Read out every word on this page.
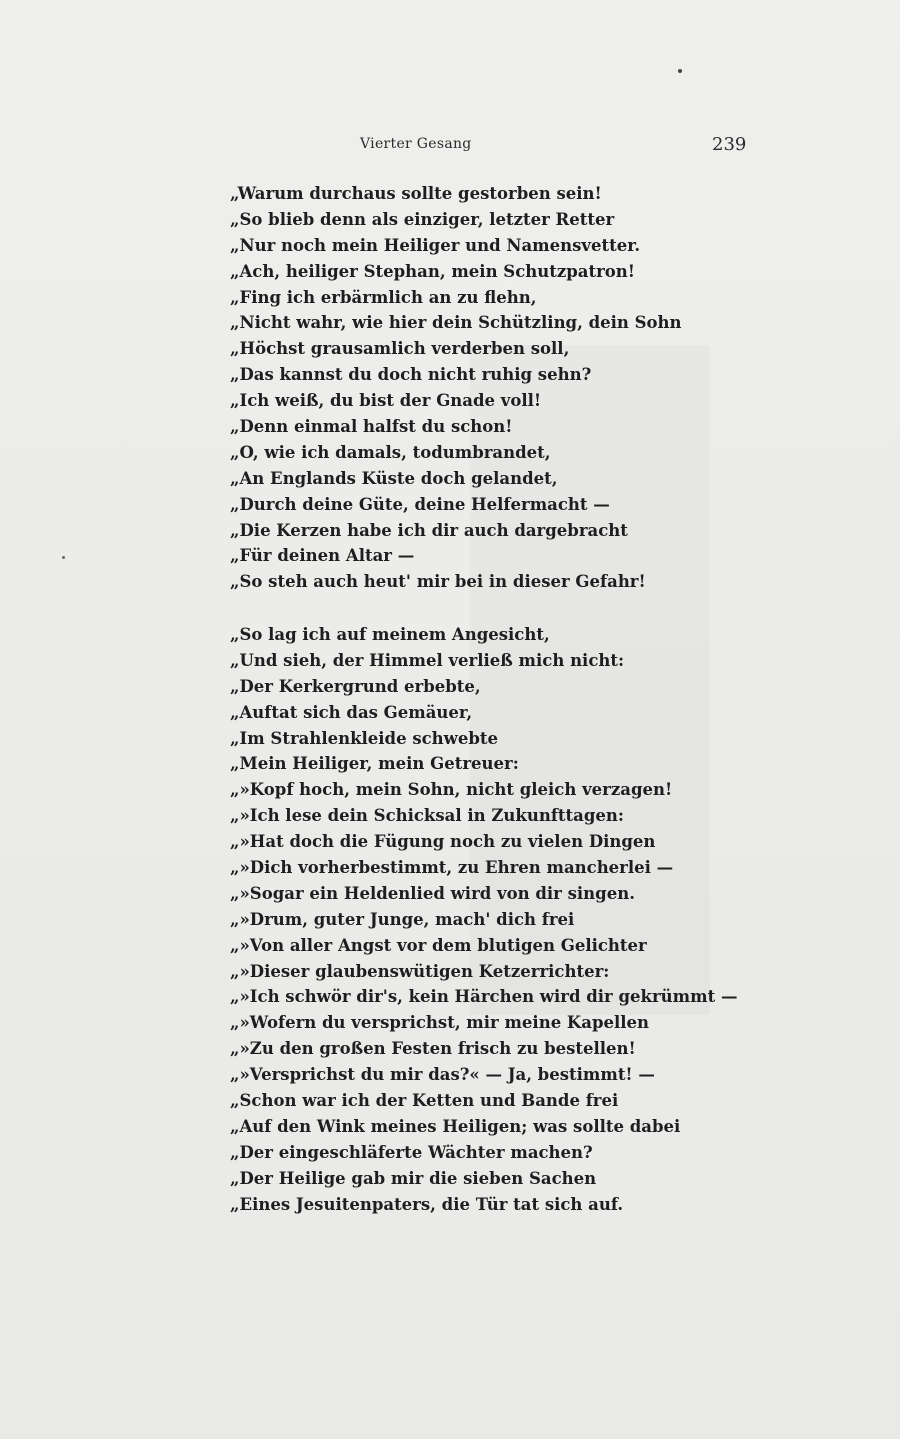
Vierter Gesang	239
„Warum durchaus sollte gestorben sein!
„So blieb denn als einziger, letzter Retter
„Nur noch mein Heiliger und Namensvetter.
„Ach, heiliger Stephan, mein Schutzpatron!
„Fing ich erbärmlich an zu flehn,
„Nicht wahr, wie hier dein Schützling, dein Sohn
„Höchst grausamlich verderben soll,
„Das kannst du doch nicht ruhig sehn?
„Ich weiß, du bist der Gnade voll!
„Denn einmal halfst du schon!
„O, wie ich damals, todumbrandet,
„An Englands Küste doch gelandet,
„Durch deine Güte, deine Helfermacht —
„Die Kerzen habe ich dir auch dargebracht
„Für deinen Altar —
„So steh auch heut' mir bei in dieser Gefahr!
„So lag ich auf meinem Angesicht,
„Und sieh, der Himmel verließ mich nicht:
„Der Kerkergrund erbebte,
„Auftat sich das Gemäuer,
„Im Strahlenkleide schwebte
„Mein Heiliger, mein Getreuer:
„»Kopf hoch, mein Sohn, nicht gleich verzagen!
„»Ich lese dein Schicksal in Zukunfttagen:
„»Hat doch die Fügung noch zu vielen Dingen
„»Dich vorherbestimmt, zu Ehren mancherlei —
„»Sogar ein Heldenlied wird von dir singen.
„»Drum, guter Junge, mach' dich frei
„»Von aller Angst vor dem blutigen Gelichter
„»Dieser glaubenswütigen Ketzerrichter:
„»Ich schwör dir's, kein Härchen wird dir gekrümmt —
„»Wofern du versprichst, mir meine Kapellen
„»Zu den großen Festen frisch zu bestellen!
„»Versprichst du mir das?« — Ja, bestimmt! —
„Schon war ich der Ketten und Bande frei
„Auf den Wink meines Heiligen; was sollte dabei
„Der eingeschläferte Wächter machen?
„Der Heilige gab mir die sieben Sachen
„Eines Jesuitenpaters, die Tür tat sich auf.
